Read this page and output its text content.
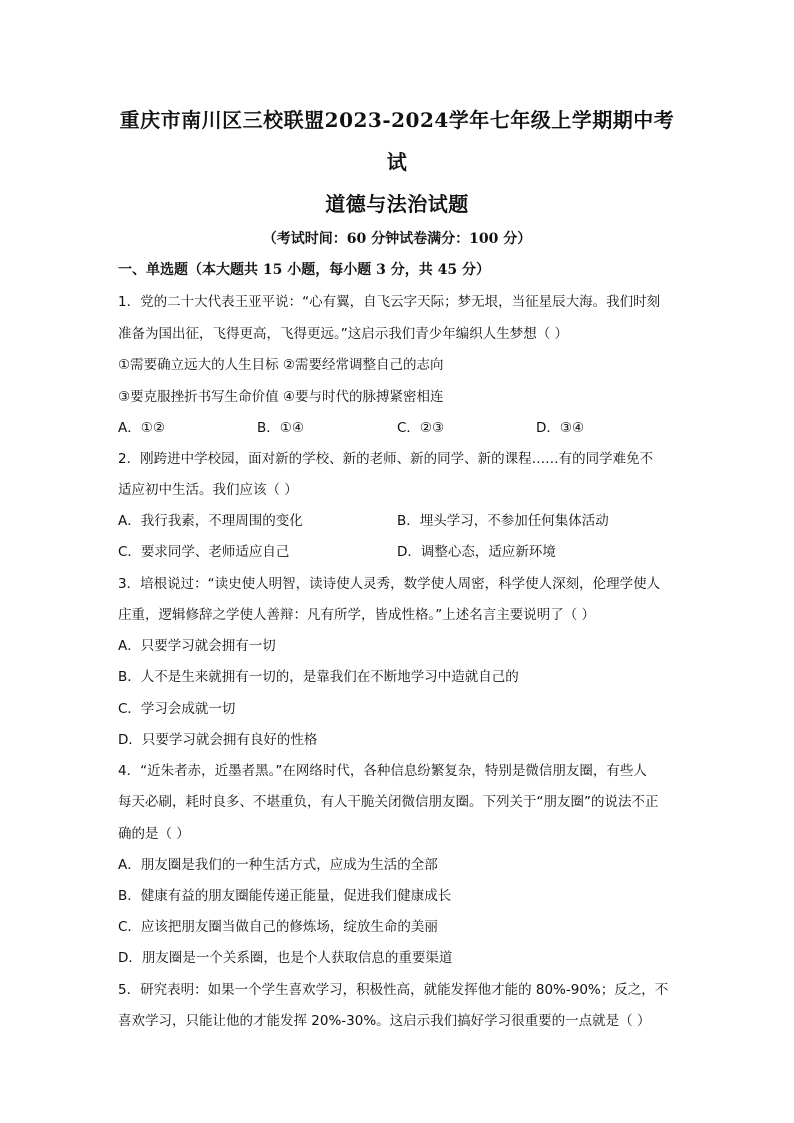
重庆市南川区三校联盟2023-2024学年七年级上学期期中考
试
道德与法治试题
（考试时间：60 分钟试卷满分：100 分）
一、单选题（本大题共 15 小题，每小题 3 分，共 45 分）
1．党的二十大代表王亚平说：“心有翼，自飞云字天际；梦无垠，当征星辰大海。我们时刻
准备为国出征，飞得更高，飞得更远。”这启示我们青少年编织人生梦想（ ）
①需要确立远大的人生目标 ②需要经常调整自己的志向
③要克服挫折书写生命价值 ④要与时代的脉搏紧密相连
A．①②	B．①④	C．②③	D．③④
2．刚跨进中学校园，面对新的学校、新的老师、新的同学、新的课程……有的同学难免不
适应初中生活。我们应该（ ）
A．我行我素，不理周围的变化	B．埋头学习，不参加任何集体活动
C．要求同学、老师适应自己	D．调整心态，适应新环境
3．培根说过：“读史使人明智，读诗使人灵秀，数学使人周密，科学使人深刻，伦理学使人
庄重，逻辑修辞之学使人善辩：凡有所学，皆成性格。”上述名言主要说明了（ ）
A．只要学习就会拥有一切
B．人不是生来就拥有一切的，是靠我们在不断地学习中造就自己的
C．学习会成就一切
D．只要学习就会拥有良好的性格
4．“近朱者赤，近墨者黑。”在网络时代，各种信息纷繁复杂，特别是微信朋友圈，有些人
每天必刷，耗时良多、不堪重负，有人干脆关闭微信朋友圈。下列关于“朋友圈”的说法不正
确的是（ ）
A．朋友圈是我们的一种生活方式，应成为生活的全部
B．健康有益的朋友圈能传递正能量，促进我们健康成长
C．应该把朋友圈当做自己的修炼场，绽放生命的美丽
D．朋友圈是一个关系圈，也是个人获取信息的重要渠道
5．研究表明：如果一个学生喜欢学习，积极性高，就能发挥他才能的 80%-90%；反之，不
喜欢学习，只能让他的才能发挥 20%-30%。这启示我们搞好学习很重要的一点就是（ ）
